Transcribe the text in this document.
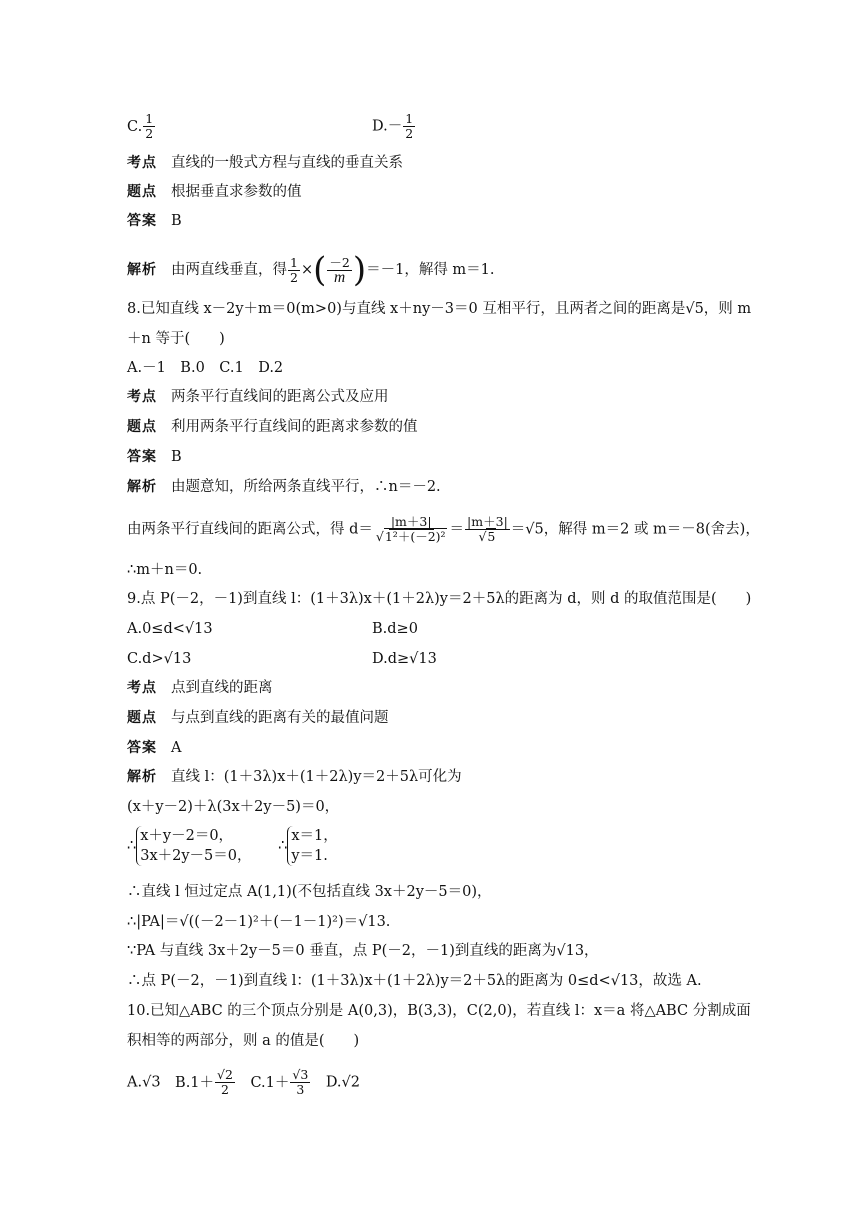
C. $\frac{1}{2}$	$D.- \frac{1}{2}$
考点 直线的一般式方程与直线的垂直关系
题点 根据垂直求参数的值
答案 B
解析 由两直线垂直，得 $\frac{1}{2}$ × ( $\frac{-2}{m}$ ) ＝－1，解得 m＝1.
8.已知直线 x－2y＋m＝0(m>0)与直线 x＋ny－3＝0 互相平行，且两者之间的距离是√5，则 m
＋n 等于(　　)
A.－1　B.0　C.1　D.2
考点 两条平行直线间的距离公式及应用
题点 利用两条平行直线间的距离求参数的值
答案 B
解析 由题意知，所给两条直线平行，∴n＝－2.
由两条平行直线间的距离公式，得 $d= \frac{|m+3|}{\text{√1²＋(－2)²}} = \frac{|m+3|}{√5} =√5$，解得 m＝2 或 m＝－8(舍去)，
∴m＋n＝0.
9.点 P(－2，－1)到直线 l：(1＋3λ)x＋(1＋2λ)y＝2＋5λ的距离为 d，则 d 的取值范围是(　　)
A.0≤d<√13	B.d≥0
C.d>√13	D.d≥√13
考点 点到直线的距离
题点 与点到直线的距离有关的最值问题
答案 A
解析 直线 l：(1＋3λ)x＋(1＋2λ)y＝2＋5λ可化为
(x＋y－2)＋λ(3x＋2y－5)＝0，
∴
x＋y－2＝0，
3x＋2y－5＝0，
∴
x＝1，
y＝1.
∴直线 l 恒过定点 A(1,1)(不包括直线 3x＋2y－5＝0)，
∴|PA|＝√((－2－1)²＋(－1－1)²)＝√13.
∵PA 与直线 3x＋2y－5＝0 垂直，点 P(－2，－1)到直线的距离为√13，
∴点 P(－2，－1)到直线 l：(1＋3λ)x＋(1＋2λ)y＝2＋5λ的距离为 0≤d<√13，故选 A.
10.已知△ABC 的三个顶点分别是 A(0,3)，B(3,3)，C(2,0)，若直线 l：x＝a 将△ABC 分割成面
积相等的两部分，则 a 的值是(　　)
A.√3　 $B.1+ \frac{√2}{2}$
　 $C.1+ \frac{√3}{3}$
　 D.√2
